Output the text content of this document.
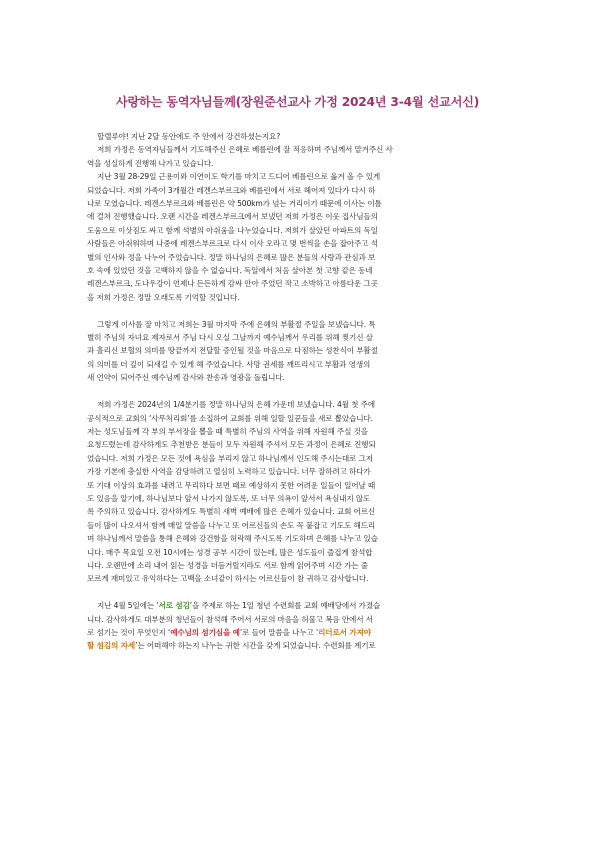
사랑하는 동역자님들께(장원준선교사 가정 2024년 3-4월 선교서신)

할렐루야! 지난 2달 동안에도 주 안에서 강건하셨는지요?
저희 가정은 동역자님들께서 기도해주신 은혜로 베를린에 잘 적응하며 주님께서 맡겨주신 사
역을 성실하게 진행해 나가고 있습니다.

지난 3월 28-29일 근용이와 이연이도 학기를 마치고 드디어 베를린으로 옮겨 올 수 있게
되었습니다. 저희 가족이 3개월간 레겐스부르크와 베를린에서 서로 헤어져 있다가 다시 하
나로 모였습니다. 레겐스부르크와 베를린은 약 500km가 넘는 거리이기 때문에 이사는 이틀
에 걸쳐 진행했습니다. 오랜 시간을 레겐스부르크에서 보냈던 저희 가정은 이웃 집사님들의
도움으로 이삿짐도 싸고 함께 석별의 아쉬움을 나누었습니다. 저희가 살았던 아파트의 독일
사람들은 아쉬워하며 나중에 레겐스부르크로 다시 이사 오라고 몇 번씩을 손을 잡아주고 석
별의 인사와 정을 나누어 주었습니다. 정말 하나님의 은혜로 많은 분들의 사랑과 관심과 보
호 속에 있었던 것을 고백하지 않을 수 없습니다. 독일에서 처음 살아본 첫 고향 같은 동네
레겐스부르크, 도나우강이 언제나 든든하게 감싸 안아 주었던 작고 소박하고 아름다운 그곳
을 저희 가정은 정말 오래도록 기억할 것입니다.

그렇게 이사를 잘 마치고 저희는 3월 마지막 주에 은혜의 부활절 주일을 보냈습니다. 특
별히 주님의 자녀요 제자로서 주님 다시 오실 그날까지 예수님께서 우리를 위해 찢기신 살
과 흘리신 보혈의 의미를 땅끝까지 전달할 증인될 것을 마음으로 다짐하는 성찬식이 부활절
의 의미를 더 깊이 되새길 수 있게 해 주었습니다. 사망 권세를 깨뜨리시고 부활과 영생의
새 언약이 되어주신 예수님께 감사와 찬송과 영광을 돌립니다.

저희 가정은 2024년의 1/4분기를 정말 하나님의 은혜 가운데 보냈습니다. 4월 첫 주에
공식적으로 교회의 ‘사무처리회’를 소집하여 교회를 위해 일할 일꾼들을 새로 뽑았습니다.
저는 성도님들께 각 부의 부서장을 뽑을 때 특별히 주님의 사역을 위해 자원해 주실 것을
요청드렸는데 감사하게도 추천받은 분들이 모두 자원해 주셔서 모든 과정이 은혜로 진행되
었습니다. 저희 가정은 모든 것에 욕심을 부리지 않고 하나님께서 인도해 주시는대로 그저
가장 기본에 충실한 사역을 감당하려고 열심히 노력하고 있습니다. 너무 잘하려고 하다가
또 기대 이상의 효과를 내려고 무리하다 보면 때로 예상하지 못한 어려운 일들이 일어날 때
도 있음을 알기에, 하나님보다 앞서 나가지 않도록, 또 너무 의욕이 앞서서 욕심내지 않도
록 주의하고 있습니다. 감사하게도 특별히 새벽 예배에 많은 은혜가 있습니다. 교회 어르신
들이 많이 나오셔서 함께 매일 말씀을 나누고 또 어르신들의 손도 꼭 붙잡고 기도도 해드리
며 하나님께서 말씀을 통해 은혜와 강건함을 허락해 주시도록 기도하며 은혜를 나누고 있습
니다. 매주 목요일 오전 10시에는 성경 공부 시간이 있는데, 많은 성도들이 즐겁게 참석합
니다. 오랜만에 소리 내어 읽는 성경을 더듬거릴지라도 서로 함께 읽어주며 시간 가는 줄
모르게 재미있고 유익하다는 고백을 소녀같이 하시는 어르신들이 참 귀하고 감사합니다.

지난 4월 5일에는 ‘서로 섬김’을 주제로 하는 1일 청년 수련회를 교회 예배당에서 가졌습
니다. 감사하게도 대부분의 청년들이 참석해 주어서 서로의 마음을 허물고 복음 안에서 서
로 섬기는 것이 무엇인지 ‘예수님의 섬기심을 예’로 들어 말씀을 나누고 ‘리더로서 가져야
할 섬김의 자세’는 어떠해야 하는지 나누는 귀한 시간을 갖게 되었습니다. 수련회를 계기로
